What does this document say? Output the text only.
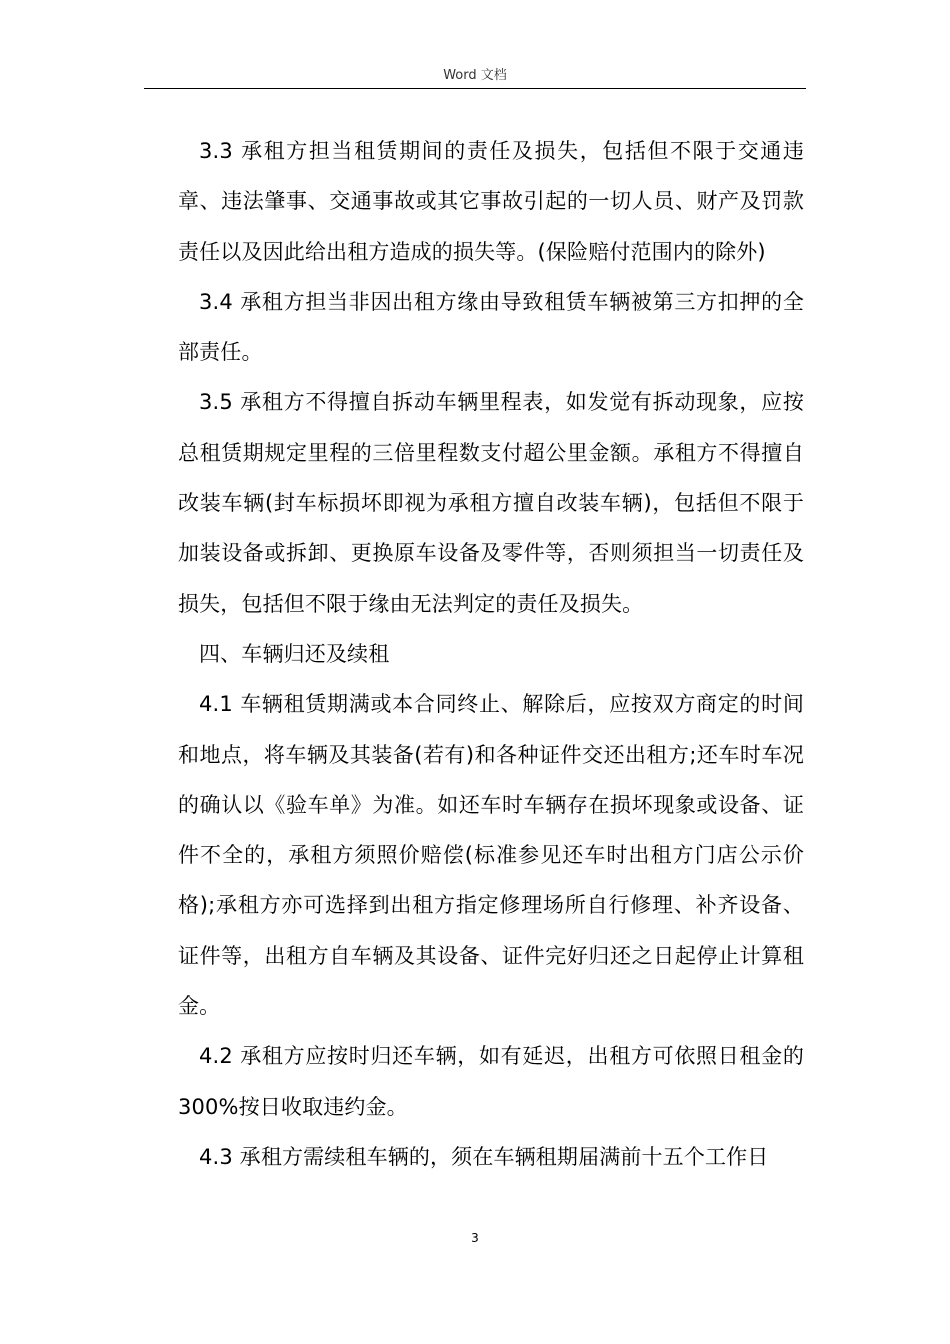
Word 文档

3.3 承租方担当租赁期间的责任及损失，包括但不限于交通违章、违法肇事、交通事故或其它事故引起的一切人员、财产及罚款责任以及因此给出租方造成的损失等。(保险赔付范围内的除外)

3.4 承租方担当非因出租方缘由导致租赁车辆被第三方扣押的全部责任。

3.5 承租方不得擅自拆动车辆里程表，如发觉有拆动现象，应按总租赁期规定里程的三倍里程数支付超公里金额。承租方不得擅自改装车辆(封车标损坏即视为承租方擅自改装车辆)，包括但不限于加装设备或拆卸、更换原车设备及零件等，否则须担当一切责任及损失，包括但不限于缘由无法判定的责任及损失。

四、车辆归还及续租

4.1 车辆租赁期满或本合同终止、解除后，应按双方商定的时间和地点，将车辆及其装备(若有)和各种证件交还出租方;还车时车况的确认以《验车单》为准。如还车时车辆存在损坏现象或设备、证件不全的，承租方须照价赔偿(标准参见还车时出租方门店公示价格);承租方亦可选择到出租方指定修理场所自行修理、补齐设备、证件等，出租方自车辆及其设备、证件完好归还之日起停止计算租金。

4.2 承租方应按时归还车辆，如有延迟，出租方可依照日租金的 300%按日收取违约金。

4.3 承租方需续租车辆的，须在车辆租期届满前十五个工作日

3
